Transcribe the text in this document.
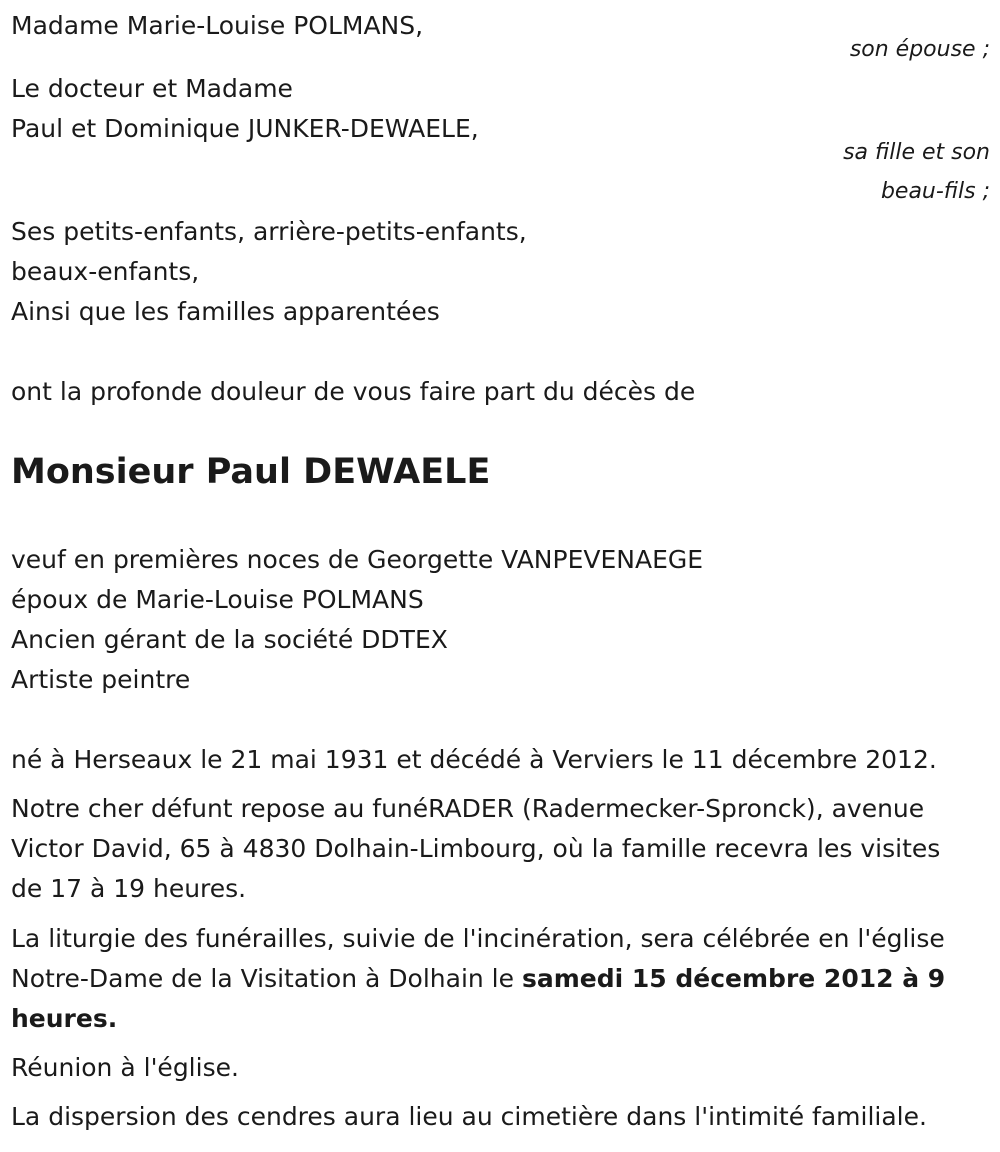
Madame Marie-Louise POLMANS,

son épouse ;

Le docteur et Madame

Paul et Dominique JUNKER-DEWAELE,

sa fille et son
beau-fils ;

Ses petits-enfants, arrière-petits-enfants,

beaux-enfants,

Ainsi que les familles apparentées

ont la profonde douleur de vous faire part du décès de

Monsieur Paul DEWAELE

veuf en premières noces de Georgette VANPEVENAEGE

époux de Marie-Louise POLMANS

Ancien gérant de la société DDTEX

Artiste peintre

né à Herseaux le 21 mai 1931 et décédé à Verviers le 11 décembre 2012.

Notre cher défunt repose au funéRADER (Radermecker-Spronck), avenue
Victor David, 65 à 4830 Dolhain-Limbourg, où la famille recevra les visites
de 17 à 19 heures.
La liturgie des funérailles, suivie de l'incinération, sera célébrée en l'église
Notre-Dame de la Visitation à Dolhain le samedi 15 décembre 2012 à 9
heures.

Réunion à l'église.

La dispersion des cendres aura lieu au cimetière dans l'intimité familiale.
